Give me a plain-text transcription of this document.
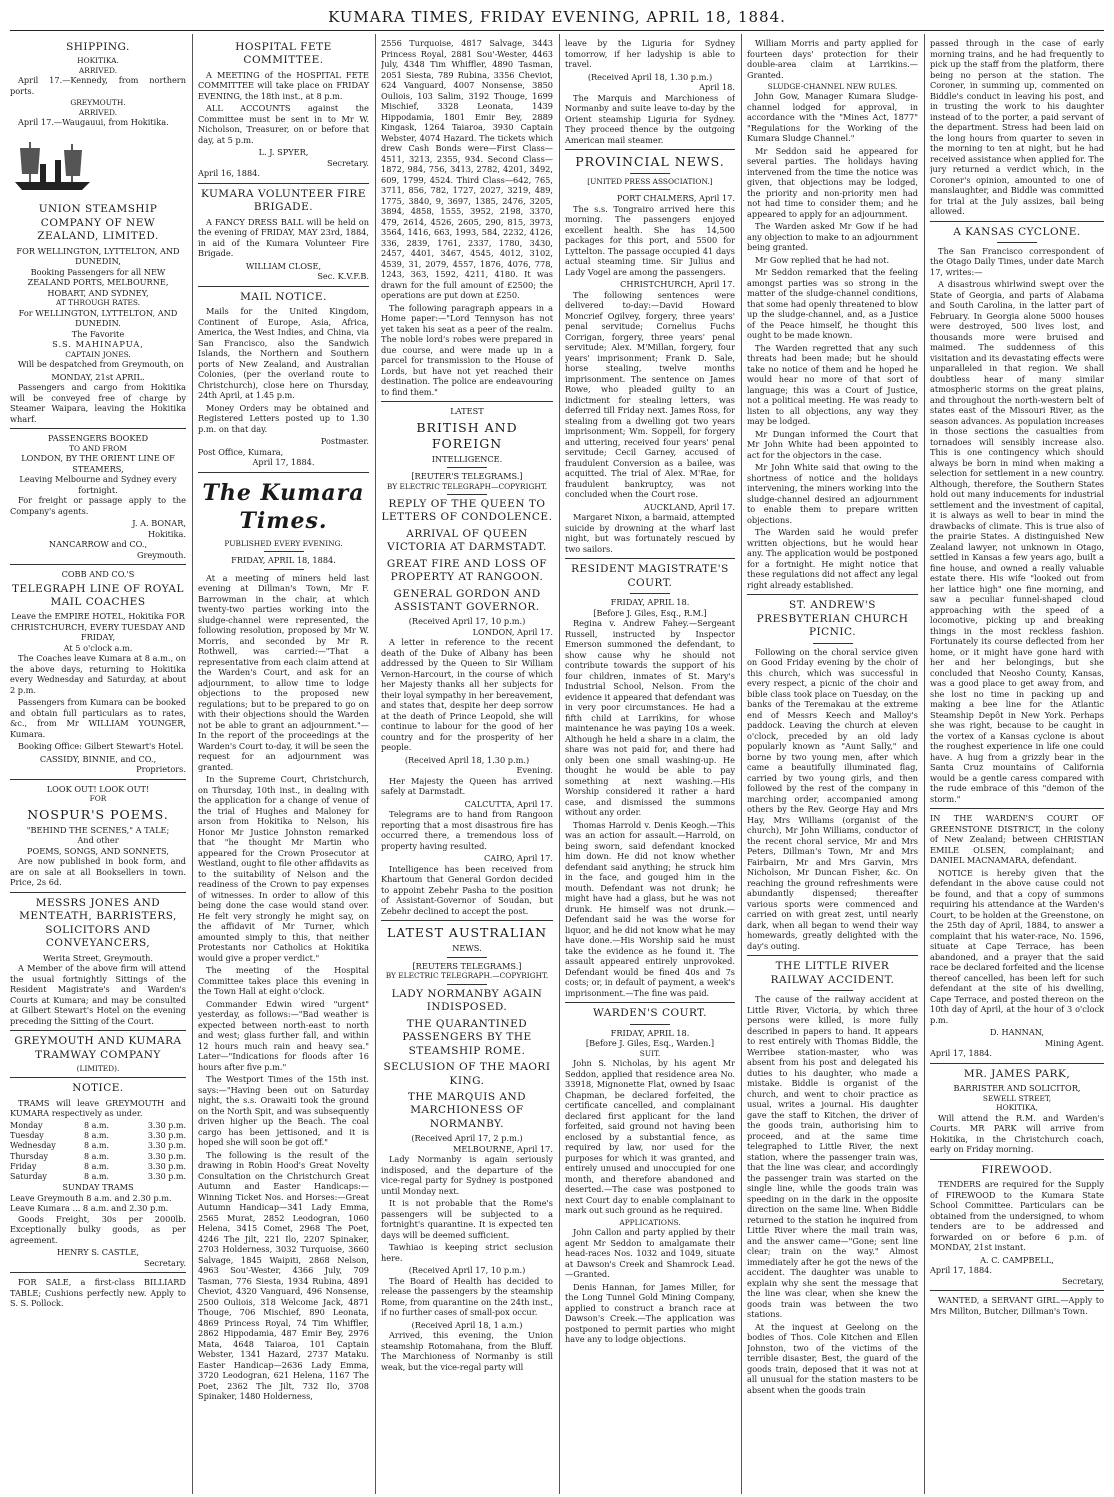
KUMARA TIMES, FRIDAY EVENING, APRIL 18, 1884.
SHIPPING.
HOKITIKA.
ARRIVED.

April 17.—Kennedy, from northern ports.

GREYMOUTH.
ARRIVED.

April 17.—Waugauui, from Hokitika.

UNION STEAMSHIP COMPANY OF NEW ZEALAND, LIMITED.
FOR WELLINGTON, LYTTELTON, AND DUNEDIN,
Booking Passengers for all NEW ZEALAND PORTS, MELBOURNE, HOBART, AND SYDNEY,
AT THROUGH RATES.
For WELLINGTON, LYTTELTON, AND DUNEDIN.
The Favorite
S.S. MAHINAPUA,
CAPTAIN JONES.

Will be despatched from Greymouth, on

MONDAY, 21st APRIL.

Passengers and cargo from Hokitika will be conveyed free of charge by Steamer Waipara, leaving the Hokitika wharf.

PASSENGERS BOOKED
TO AND FROM
LONDON, BY THE ORIENT LINE OF STEAMERS,
Leaving Melbourne and Sydney every fortnight.

For freight or passage apply to the Company's agents.

J. A. BONAR,
Hokitika.
NANCARROW and CO.,
Greymouth.
COBB AND CO.'S
TELEGRAPH LINE OF ROYAL MAIL COACHES
Leave the EMPIRE HOTEL, Hokitika FOR CHRISTCHURCH, EVERY TUESDAY AND FRIDAY,
At 5 o'clock a.m.

The Coaches leave Kumara at 8 a.m., on the above days, returning to Hokitika every Wednesday and Saturday, at about 2 p.m.

Passengers from Kumara can be booked and obtain full particulars as to rates, &c., from Mr WILLIAM YOUNGER, Kumara.

Booking Office: Gilbert Stewart's Hotel.

CASSIDY, BINNIE, and CO.,
Proprietors.
LOOK OUT! LOOK OUT!
FOR
NOSPUR'S POEMS.
"BEHIND THE SCENES," A TALE;
And other
POEMS, SONGS, AND SONNETS,

Are now published in book form, and are on sale at all Booksellers in town. Price, 2s 6d.

MESSRS JONES AND MENTEATH, BARRISTERS, SOLICITORS AND CONVEYANCERS,
Werita Street, Greymouth.

A Member of the above firm will attend the usual fortnightly Sittings of the Resident Magistrate's and Warden's Courts at Kumara; and may be consulted at Gilbert Stewart's Hotel on the evening preceding the Sitting of the Court.

GREYMOUTH AND KUMARA TRAMWAY COMPANY
(LIMITED).
NOTICE.

TRAMS will leave GREYMOUTH and KUMARA respectively as under.

Monday	8 a.m.	3.30 p.m.
Tuesday	8 a.m.	3.30 p.m.
Wednesday	8 a.m.	3.30 p.m.
Thursday	8 a.m.	3.30 p.m.
Friday	8 a.m.	3.30 p.m.
Saturday	8 a.m.	3.30 p.m.
SUNDAY TRAMS
Leave Greymouth 8 a.m. and 2.30 p.m.
Leave Kumara ... 8 a.m. and 2.30 p.m.

Goods Freight, 30s per 2000lb. Exceptionally bulky goods, as per agreement.

HENRY S. CASTLE,
Secretary.

FOR SALE, a first-class BILLIARD TABLE; Cushions perfectly new. Apply to S. S. Pollock.

HOSPITAL FETE COMMITTEE.

A MEETING of the HOSPITAL FETE COMMITTEE will take place on FRIDAY EVENING, the 18th inst., at 8 p.m.

ALL ACCOUNTS against the Committee must be sent in to Mr W. Nicholson, Treasurer, on or before that day, at 5 p.m.

L. J. SPYER,
Secretary.
April 16, 1884.
KUMARA VOLUNTEER FIRE BRIGADE.

A FANCY DRESS BALL will be held on the evening of FRIDAY, MAY 23rd, 1884, in aid of the Kumara Volunteer Fire Brigade.

WILLIAM CLOSE,
Sec. K.V.F.B.
MAIL NOTICE.

Mails for the United Kingdom, Continent of Europe, Asia, Africa, America, the West Indies, and China, via San Francisco, also the Sandwich Islands, the Northern and Southern ports of New Zealand, and Australian Colonies, (per the overland route to Christchurch), close here on Thursday, 24th April, at 1.45 p.m.

Money Orders may be obtained and Registered Letters posted up to 1.30 p.m. on that day.

Postmaster.
Post Office, Kumara,
April 17, 1884.
The Kumara Times.
PUBLISHED EVERY EVENING.
FRIDAY, APRIL 18, 1884.

At a meeting of miners held last evening at Dillman's Town, Mr F. Barrowman in the chair, at which twenty-two parties working into the sludge-channel were represented, the following resolution, proposed by Mr W. Morris, and seconded by Mr R. Rothwell, was carried:—"That a representative from each claim attend at the Warden's Court, and ask for an adjournment, to allow time to lodge objections to the proposed new regulations; but to be prepared to go on with their objections should the Warden not be able to grant an adjournment."—In the report of the proceedings at the Warden's Court to-day, it will be seen the request for an adjournment was granted.

In the Supreme Court, Christchurch, on Thursday, 10th inst., in dealing with the application for a change of venue of the trial of Hughes and Maloney for arson from Hokitika to Nelson, his Honor Mr Justice Johnston remarked that "he thought Mr Martin who appeared for the Crown Prosecutor at Westland, ought to file other affidavits as to the suitability of Nelson and the readiness of the Crown to pay expenses of witnesses. In order to allow of this being done the case would stand over. He felt very strongly he might say, on the affidavit of Mr Turner, which amounted simply to this, that neither Protestants nor Catholics at Hokitika would give a proper verdict."

The meeting of the Hospital Committee takes place this evening in the Town Hall at eight o'clock.

Commander Edwin wired "urgent" yesterday, as follows:—"Bad weather is expected between north-east to north and west; glass further fall, and within 12 hours much rain and heavy sea." Later—"Indications for floods after 16 hours after five p.m."

The Westport Times of the 15th inst. says:—"Having been out on Saturday night, the s.s. Orawaiti took the ground on the North Spit, and was subsequently driven higher up the Beach. The coal cargo has been jettisoned, and it is hoped she will soon be got off."

The following is the result of the drawing in Robin Hood's Great Novelty Consultation on the Christchurch Great Autumn and Easter Handicaps:—Winning Ticket Nos. and Horses:—Great Autumn Handicap—341 Lady Emma, 2565 Murat, 2852 Leodogran, 1060 Helena, 3415 Comet, 2968 The Poet, 4246 The Jilt, 221 Ilo, 2207 Spinaker, 2703 Holderness, 3032 Turquoise, 3660 Salvage, 1845 Waipiti, 2868 Nelson, 4963 Sou'-Wester, 4366 July, 709 Tasman, 776 Siesta, 1934 Rubina, 4891 Cheviot, 4320 Vanguard, 496 Nonsense, 2500 Ouliois, 318 Welcome Jack, 4871 Thouge, 706 Mischief, 890 Leonata, 4869 Princess Royal, 74 Tim Whiffler, 2862 Hippodamia, 487 Emir Bey, 2976 Mata, 4648 Taiaroa, 101 Captain Webster, 1341 Hazard, 2737 Mataku. Easter Handicap—2636 Lady Emma, 3720 Leodogran, 621 Helena, 1167 The Poet, 2362 The Jilt, 732 Ilo, 3708 Spinaker, 1480 Holderness,

2556 Turquoise, 4817 Salvage, 3443 Princess Royal, 2881 Sou'-Wester, 4463 July, 4348 Tim Whiffler, 4890 Tasman, 2051 Siesta, 789 Rubina, 3356 Cheviot, 624 Vanguard, 4007 Nonsense, 3850 Ouliois, 103 Salim, 3192 Thouge, 1699 Mischief, 3328 Leonata, 1439 Hippodamia, 1801 Emir Bey, 2889 Kingask, 1264 Taiaroa, 3930 Captain Webster, 4074 Hazard. The tickets which drew Cash Bonds were—First Class—4511, 3213, 2355, 934. Second Class—1872, 984, 756, 3413, 2782, 4201, 3492, 609, 1799, 4524. Third Class—642, 765, 3711, 856, 782, 1727, 2027, 3219, 489, 1775, 3840, 9, 3697, 1385, 2476, 3205, 3894, 4858, 1555, 3952, 2198, 3370, 479, 2614, 4526, 2605, 290, 815, 3973, 3564, 1416, 663, 1993, 584, 2232, 4126, 336, 2839, 1761, 2337, 1780, 3430, 2457, 4401, 3467, 4545, 4012, 3102, 4539, 31, 2079, 4557, 1876, 4076, 778, 1243, 363, 1592, 4211, 4180. It was drawn for the full amount of £2500; the operations are put down at £250.

The following paragraph appears in a Home paper:—"Lord Tennyson has not yet taken his seat as a peer of the realm. The noble lord's robes were prepared in due course, and were made up in a parcel for transmission to the House of Lords, but have not yet reached their destination. The police are endeavouring to find them."

LATEST
BRITISH AND FOREIGN
INTELLIGENCE.
[REUTER'S TELEGRAMS.]
BY ELECTRIC TELEGRAPH—COPYRIGHT.
REPLY OF THE QUEEN TO LETTERS OF CONDOLENCE.
ARRIVAL OF QUEEN VICTORIA AT DARMSTADT.
GREAT FIRE AND LOSS OF PROPERTY AT RANGOON.
GENERAL GORDON AND ASSISTANT GOVERNOR.
(Received April 17, 10 p.m.)
LONDON, April 17.

A letter in reference to the recent death of the Duke of Albany has been addressed by the Queen to Sir William Vernon-Harcourt, in the course of which her Majesty thanks all her subjects for their loyal sympathy in her bereavement, and states that, despite her deep sorrow at the death of Prince Leopold, she will continue to labour for the good of her country and for the prosperity of her people.

(Received April 18, 1.30 p.m.)
Evening.

Her Majesty the Queen has arrived safely at Darmstadt.

CALCUTTA, April 17.

Telegrams are to hand from Rangoon reporting that a most disastrous fire has occurred there, a tremendous loss of property having resulted.

CAIRO, April 17.

Intelligence has been received from Khartoum that General Gordon decided to appoint Zebehr Pasha to the position of Assistant-Governor of Soudan, but Zebehr declined to accept the post.

LATEST AUSTRALIAN
NEWS.
[REUTERS TELEGRAMS.]
BY ELECTRIC TELEGRAPH.—COPYRIGHT.
LADY NORMANBY AGAIN INDISPOSED.
THE QUARANTINED PASSENGERS BY THE STEAMSHIP ROME.
SECLUSION OF THE MAORI KING.
THE MARQUIS AND MARCHIONESS OF NORMANBY.
(Received April 17, 2 p.m.)
MELBOURNE, April 17.

Lady Normanby is again seriously indisposed, and the departure of the vice-regal party for Sydney is postponed until Monday next.

It is not probable that the Rome's passengers will be subjected to a fortnight's quarantine. It is expected ten days will be deemed sufficient.

Tawhiao is keeping strict seclusion here.

(Received April 17, 10 p.m.)

The Board of Health has decided to release the passengers by the steamship Rome, from quarantine on the 24th inst., if no further cases of small-pox occur.

(Received April 18, 1 a.m.)

Arrived, this evening, the Union steamship Rotomahana, from the Bluff. The Marchioness of Normanby is still weak, but the vice-regal party will

leave by the Liguria for Sydney tomorrow, if her ladyship is able to travel.

(Received April 18, 1.30 p.m.)
April 18.

The Marquis and Marchioness of Normanby and suite leave to-day by the Orient steamship Liguria for Sydney. They proceed thence by the outgoing American mail steamer.

PROVINCIAL NEWS.
[UNITED PRESS ASSOCIATION.]
PORT CHALMERS, April 17.

The s.s. Tongrairo arrived here this morning. The passengers enjoyed excellent health. She has 14,500 packages for this port, and 5500 for Lyttelton. The passage occupied 41 days actual steaming time. Sir Julius and Lady Vogel are among the passengers.

CHRISTCHURCH, April 17.

The following sentences were delivered to-day:—David Howard Moncrief Ogilvey, forgery, three years' penal servitude; Cornelius Fuchs Corrigan, forgery, three years' penal servitude; Alex. M'Millan, forgery, four years' imprisonment; Frank D. Sale, horse stealing, twelve months imprisonment. The sentence on James Rowe, who pleaded guilty to an indictment for stealing letters, was deferred till Friday next. James Ross, for stealing from a dwelling got two years imprisonment; Wm. Soppell, for forgery and uttering, received four years' penal servitude; Cecil Garney, accused of fraudulent Conversion as a bailee, was acquitted. The trial of Alex. M'Rae, for fraudulent bankruptcy, was not concluded when the Court rose.

AUCKLAND, April 17.

Margaret Nixon, a barmaid, attempted suicide by drowning at the wharf last night, but was fortunately rescued by two sailors.

RESIDENT MAGISTRATE'S COURT.
FRIDAY, APRIL 18.
[Before J. Giles, Esq., R.M.]

Regina v. Andrew Fahey.—Sergeant Russell, instructed by Inspector Emerson summoned the defendant, to show cause why he should not contribute towards the support of his four children, inmates of St. Mary's Industrial School, Nelson. From the evidence it appeared that defendant was in very poor circumstances. He had a fifth child at Larrikins, for whose maintenance he was paying 10s a week. Although he held a share in a claim, the share was not paid for, and there had only been one small washing-up. He thought he would be able to pay something at next washing.—His Worship considered it rather a hard case, and dismissed the summons without any order.

Thomas Harrold v. Denis Keogh.—This was an action for assault.—Harrold, on being sworn, said defendant knocked him down. He did not know whether defendant said anything; he struck him in the face, and gouged him in the mouth. Defendant was not drunk; he might have had a glass, but he was not drunk. He himself was not drunk.—Defendant said he was the worse for liquor, and he did not know what he may have done.—His Worship said he must take the evidence as he found it. The assault appeared entirely unprovoked. Defendant would be fined 40s and 7s costs; or, in default of payment, a week's imprisonment.—The fine was paid.

WARDEN'S COURT.
FRIDAY, APRIL 18.
[Before J. Giles, Esq., Warden.]
SUIT.

John S. Nicholas, by his agent Mr Seddon, applied that residence area No. 33918, Mignonette Flat, owned by Isaac Chapman, be declared forfeited, the certificate cancelled, and complainant declared first applicant for the land forfeited, said ground not having been enclosed by a substantial fence, as required by law, nor used for the purposes for which it was granted, and entirely unused and unoccupied for one month, and therefore abandoned and deserted.—The case was postponed to next Court day to enable complainant to mark out such ground as he required.

APPLICATIONS.

John Callon and party applied by their agent Mr Seddon to amalgamate their head-races Nos. 1032 and 1049, situate at Dawson's Creek and Shamrock Lead.—Granted.

Denis Hannan, for James Miller, for the Long Tunnel Gold Mining Company, applied to construct a branch race at Dawson's Creek.—The application was postponed to permit parties who might have any to lodge objections.

William Morris and party applied for fourteen days' protection for their double-area claim at Larrikins.—Granted.

SLUDGE-CHANNEL NEW RULES.

John Gow, Manager Kumara Sludge-channel lodged for approval, in accordance with the "Mines Act, 1877" "Regulations for the Working of the Kumara Sludge Channel."

Mr Seddon said he appeared for several parties. The holidays having intervened from the time the notice was given, that objections may be lodged, the priority and non-priority men had not had time to consider them; and he appeared to apply for an adjournment.

The Warden asked Mr Gow if he had any objection to make to an adjournment being granted.

Mr Gow replied that he had not.

Mr Seddon remarked that the feeling amongst parties was so strong in the matter of the sludge-channel conditions, that some had openly threatened to blow up the sludge-channel, and, as a Justice of the Peace himself, he thought this ought to be made known.

The Warden regretted that any such threats had been made; but he should take no notice of them and he hoped he would hear no more of that sort of language; this was a Court of Justice, not a political meeting. He was ready to listen to all objections, any way they may be lodged.

Mr Dungan informed the Court that Mr John White had been appointed to act for the objectors in the case.

Mr John White said that owing to the shortness of notice and the holidays intervening, the miners working into the sludge-channel desired an adjournment to enable them to prepare written objections.

The Warden said he would prefer written objections, but he would hear any. The application would be postponed for a fortnight. He might notice that these regulations did not affect any legal right already established.

ST. ANDREW'S PRESBYTERIAN CHURCH PICNIC.

Following on the choral service given on Good Friday evening by the choir of this church, which was successful in every respect, a picnic of the choir and bible class took place on Tuesday, on the banks of the Teremakau at the extreme end of Messrs Keech and Malloy's paddock. Leaving the church at eleven o'clock, preceded by an old lady popularly known as "Aunt Sally," and borne by two young men, after which came a beautifully illuminated flag, carried by two young girls, and then followed by the rest of the company in marching order, accompanied among others by the Rev. George Hay and Mrs Hay, Mrs Williams (organist of the church), Mr John Williams, conductor of the recent choral service, Mr and Mrs Peters, Dillman's Town, Mr and Mrs Fairbairn, Mr and Mrs Garvin, Mrs Nicholson, Mr Duncan Fisher, &c. On reaching the ground refreshments were abundantly dispensed; thereafter various sports were commenced and carried on with great zest, until nearly dark, when all began to wend their way homewards, greatly delighted with the day's outing.

THE LITTLE RIVER RAILWAY ACCIDENT.

The cause of the railway accident at Little River, Victoria, by which three persons were killed, is more fully described in papers to hand. It appears to rest entirely with Thomas Biddle, the Werribee station-master, who was absent from his post and delegated his duties to his daughter, who made a mistake. Biddle is organist of the church, and went to choir practice as usual, writes a journal. His daughter gave the staff to Kitchen, the driver of the goods train, authorising him to proceed, and at the same time telegraphed to Little River, the next station, where the passenger train was, that the line was clear, and accordingly the passenger train was started on the single line, while the goods train was speeding on in the dark in the opposite direction on the same line. When Biddle returned to the station he inquired from Little River where the mail train was, and the answer came—"Gone; sent line clear; train on the way." Almost immediately after he got the news of the accident. The daughter was unable to explain why she sent the message that the line was clear, when she knew the goods train was between the two stations.

At the inquest at Geelong on the bodies of Thos. Cole Kitchen and Ellen Johnston, two of the victims of the terrible disaster, Best, the guard of the goods train, deposed that it was not at all unusual for the station masters to be absent when the goods train

passed through in the case of early morning trains, and he had frequently to pick up the staff from the platform, there being no person at the station. The Coroner, in summing up, commented on Biddle's conduct in leaving his post, and in trusting the work to his daughter instead of to the porter, a paid servant of the department. Stress had been laid on the long hours from quarter to seven in the morning to ten at night, but he had received assistance when applied for. The jury returned a verdict which, in the Coroner's opinion, amounted to one of manslaughter, and Biddle was committed for trial at the July assizes, bail being allowed.

A KANSAS CYCLONE.

The San Francisco correspondent of the Otago Daily Times, under date March 17, writes:—

A disastrous whirlwind swept over the State of Georgia, and parts of Alabama and South Carolina, in the latter part of February. In Georgia alone 5000 houses were destroyed, 500 lives lost, and thousands more were bruised and maimed. The suddenness of this visitation and its devastating effects were unparalleled in that region. We shall doubtless hear of many similar atmospheric storms on the great plains, and throughout the north-western belt of states east of the Missouri River, as the season advances. As population increases in those sections the casualties from tornadoes will sensibly increase also. This is one contingency which should always be born in mind when making a selection for settlement in a new country. Although, therefore, the Southern States hold out many inducements for industrial settlement and the investment of capital, it is always as well to bear in mind the drawbacks of climate. This is true also of the prairie States. A distinguished New Zealand lawyer, not unknown in Otago, settled in Kansas a few years ago, built a fine house, and owned a really valuable estate there. His wife "looked out from her lattice high" one fine morning, and saw a peculiar funnel-shaped cloud approaching with the speed of a locomotive, picking up and breaking things in the most reckless fashion. Fortunately its course deflected from her home, or it might have gone hard with her and her belongings, but she concluded that Neosho County, Kansas, was a good place to get away from, and she lost no time in packing up and making a bee line for the Atlantic Steamship Depôt in New York. Perhaps she was right, because to be caught in the vortex of a Kansas cyclone is about the roughest experience in life one could have. A hug from a grizzly bear in the Santa Cruz mountains of California would be a gentle caress compared with the rude embrace of this "demon of the storm."

IN THE WARDEN'S COURT OF GREENSTONE DISTRICT, in the colony of New Zealand; between CHRISTIAN EMILE OLSEN, complainant; and DANIEL MACNAMARA, defendant.

NOTICE is hereby given that the defendant in the above cause could not be found, and that a copy of summons requiring his attendance at the Warden's Court, to be holden at the Greenstone, on the 25th day of April, 1884, to answer a complaint that his water-race, No. 1596, situate at Cape Terrace, has been abandoned, and a prayer that the said race be declared forfeited and the license thereof cancelled, has been left for such defendant at the site of his dwelling, Cape Terrace, and posted thereon on the 10th day of April, at the hour of 3 o'clock p.m.

D. HANNAN,
Mining Agent.
April 17, 1884.
MR. JAMES PARK,
BARRISTER AND SOLICITOR,
SEWELL STREET,
HOKITIKA,

Will attend the R.M. and Warden's Courts. MR PARK will arrive from Hokitika, in the Christchurch coach, early on Friday morning.

FIREWOOD.

TENDERS are required for the Supply of FIREWOOD to the Kumara State School Committee. Particulars can be obtained from the undersigned, to whom tenders are to be addressed and forwarded on or before 6 p.m. of MONDAY, 21st instant.

A. C. CAMPBELL,
April 17, 1884.
Secretary,

WANTED, a SERVANT GIRL.—Apply to Mrs Millton, Butcher, Dillman's Town.
